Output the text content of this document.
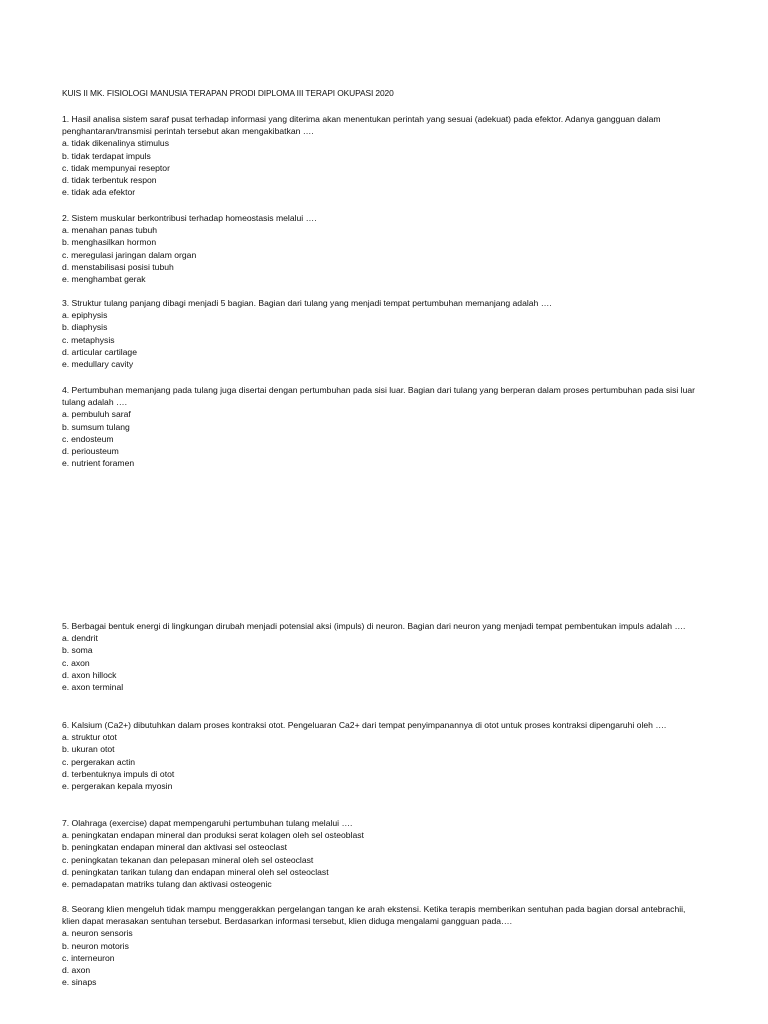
KUIS II MK. FISIOLOGI MANUSIA TERAPAN PRODI DIPLOMA III TERAPI OKUPASI 2020

1. Hasil analisa sistem saraf pusat terhadap informasi yang diterima akan menentukan perintah yang sesuai (adekuat) pada efektor. Adanya gangguan dalam penghantaran/transmisi perintah tersebut akan mengakibatkan ….

a. tidak dikenalinya stimulus

b. tidak terdapat impuls

c. tidak mempunyai reseptor

d. tidak terbentuk respon

e. tidak ada efektor

2. Sistem muskular berkontribusi terhadap homeostasis melalui ….

a. menahan panas tubuh

b. menghasilkan hormon

c. meregulasi jaringan dalam organ

d. menstabilisasi posisi tubuh

e. menghambat gerak

3. Struktur tulang panjang dibagi menjadi 5 bagian. Bagian dari tulang yang menjadi tempat pertumbuhan memanjang adalah ….

a. epiphysis

b. diaphysis

c. metaphysis

d. articular cartilage

e. medullary cavity

4. Pertumbuhan memanjang pada tulang juga disertai dengan pertumbuhan pada sisi luar. Bagian dari tulang yang berperan dalam proses pertumbuhan pada sisi luar tulang adalah ….

a. pembuluh saraf

b. sumsum tulang

c. endosteum

d. periousteum

e. nutrient foramen

5. Berbagai bentuk energi di lingkungan dirubah menjadi potensial aksi (impuls) di neuron. Bagian dari neuron yang menjadi tempat pembentukan impuls adalah ….

a. dendrit

b. soma

c. axon

d. axon hillock

e. axon terminal

6. Kalsium (Ca2+) dibutuhkan dalam proses kontraksi otot. Pengeluaran Ca2+ dari tempat penyimpanannya di otot untuk proses kontraksi dipengaruhi oleh ….

a. struktur otot

b. ukuran otot

c. pergerakan actin

d. terbentuknya impuls di otot

e. pergerakan kepala myosin

7. Olahraga (exercise) dapat mempengaruhi pertumbuhan tulang melalui ….

a. peningkatan endapan mineral dan produksi serat kolagen oleh sel osteoblast

b. peningkatan endapan mineral dan aktivasi sel osteoclast

c. peningkatan tekanan dan pelepasan mineral oleh sel osteoclast

d. peningkatan tarikan tulang dan endapan mineral oleh sel osteoclast

e. pemadapatan matriks tulang dan aktivasi osteogenic

8. Seorang klien mengeluh tidak mampu menggerakkan pergelangan tangan ke arah ekstensi. Ketika terapis memberikan sentuhan pada bagian dorsal antebrachii, klien dapat merasakan sentuhan tersebut. Berdasarkan informasi tersebut, klien diduga mengalami gangguan pada….

a. neuron sensoris

b. neuron motoris

c. interneuron

d. axon

e. sinaps
